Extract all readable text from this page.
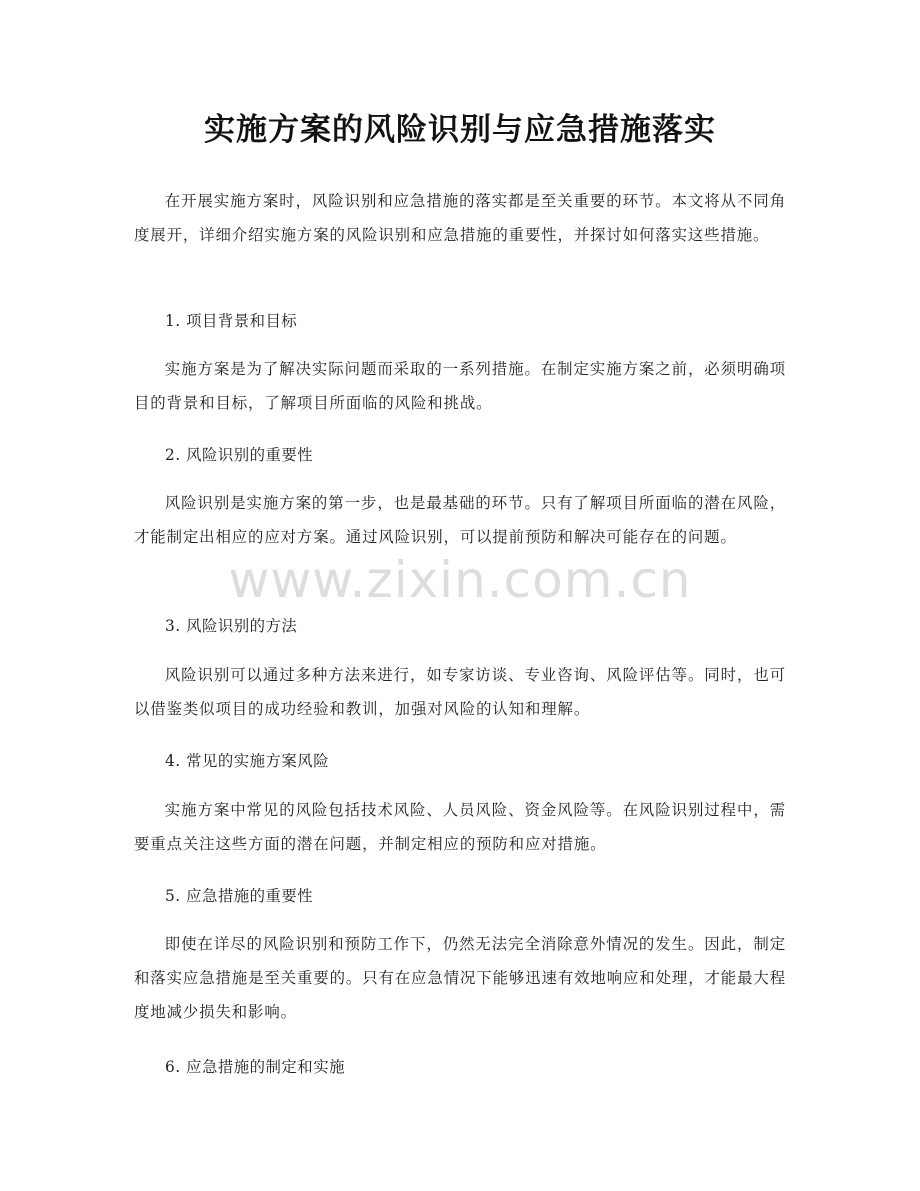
实施方案的风险识别与应急措施落实

在开展实施方案时，风险识别和应急措施的落实都是至关重要的环节。本文将从不同角度展开，详细介绍实施方案的风险识别和应急措施的重要性，并探讨如何落实这些措施。

1. 项目背景和目标

实施方案是为了解决实际问题而采取的一系列措施。在制定实施方案之前，必须明确项目的背景和目标，了解项目所面临的风险和挑战。

2. 风险识别的重要性

风险识别是实施方案的第一步，也是最基础的环节。只有了解项目所面临的潜在风险，才能制定出相应的应对方案。通过风险识别，可以提前预防和解决可能存在的问题。

3. 风险识别的方法

风险识别可以通过多种方法来进行，如专家访谈、专业咨询、风险评估等。同时，也可以借鉴类似项目的成功经验和教训，加强对风险的认知和理解。

4. 常见的实施方案风险

实施方案中常见的风险包括技术风险、人员风险、资金风险等。在风险识别过程中，需要重点关注这些方面的潜在问题，并制定相应的预防和应对措施。

5. 应急措施的重要性

即使在详尽的风险识别和预防工作下，仍然无法完全消除意外情况的发生。因此，制定和落实应急措施是至关重要的。只有在应急情况下能够迅速有效地响应和处理，才能最大程度地减少损失和影响。

6. 应急措施的制定和实施

www.zixin.com.cn
